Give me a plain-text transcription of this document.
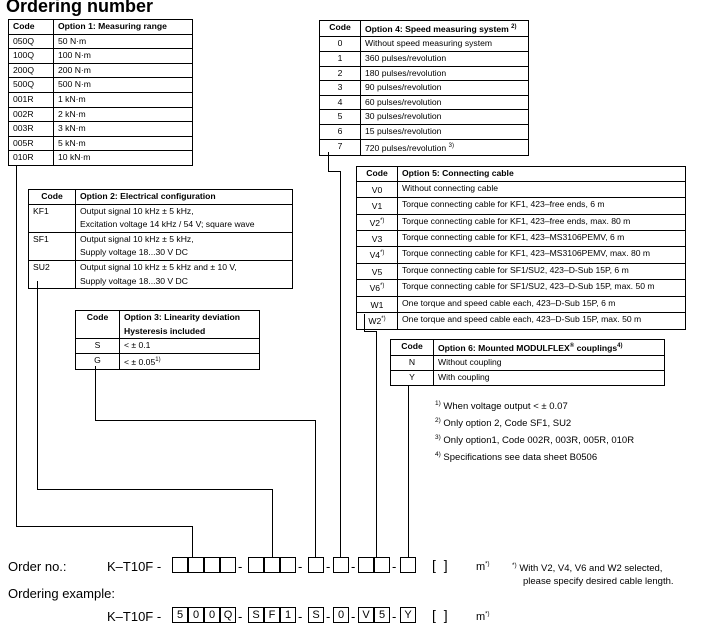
Ordering number
Code	Option 1: Measuring range
050Q	50 N·m
100Q	100 N·m
200Q	200 N·m
500Q	500 N·m
001R	1 kN·m
002R	2 kN·m
003R	3 kN·m
005R	5 kN·m
010R	10 kN·m
Code	Option 2: Electrical configuration
KF1	Output signal 10 kHz ± 5 kHz,
Excitation voltage 14 kHz / 54 V; square wave
SF1	Output signal 10 kHz ± 5 kHz,
Supply voltage 18...30 V DC
SU2	Output signal 10 kHz ± 5 kHz and ± 10 V,
Supply voltage 18...30 V DC
Code	Option 3: Linearity deviation
Hysteresis included
S	< ± 0.1
G	< ± $0.05^{1)}$
Code	Option 4: Speed measuring system $^{2)}$
0	Without speed measuring system
1	360 pulses/revolution
2	180 pulses/revolution
3	90 pulses/revolution
4	60 pulses/revolution
5	30 pulses/revolution
6	15 pulses/revolution
7	720 pulses/revolution $^{3)}$
Code	Option 5: Connecting cable
V0	Without connecting cable
V1	Torque connecting cable for KF1, 423–free ends, 6 m
V2*)	Torque connecting cable for KF1, 423–free ends, max. 80 m
V3	Torque connecting cable for KF1, 423–MS3106PEMV, 6 m
V4*)	Torque connecting cable for KF1, 423–MS3106PEMV, max. 80 m
V5	Torque connecting cable for SF1/SU2, 423–D-Sub 15P, 6 m
V6*)	Torque connecting cable for SF1/SU2, 423–D-Sub 15P, max. 50 m
W1	One torque and speed cable each, 423–D-Sub 15P, 6 m
W2*)	One torque and speed cable each, 423–D-Sub 15P, max. 50 m
Code	Option 6: Mounted MODULFLEX® couplings$^{4)}$
N	Without coupling
Y	With coupling
$^{1)}$ When voltage output < ± 0.07
$^{2)}$ Only option 2, Code SF1, SU2
$^{3)}$ Only option1, Code 002R, 003R, 005R, 010R
$^{4)}$ Specifications see data sheet B0506
Order no.:	K–T10F -	-	- - -	-	[ ] m*)	*) With V2, V4, V6 and W2 selected,
please specify desired cable length.
Ordering example:
K–T10F -	5 0 0 Q - S F 1 - S - 0 - V 5 - Y	[ ] m*)
